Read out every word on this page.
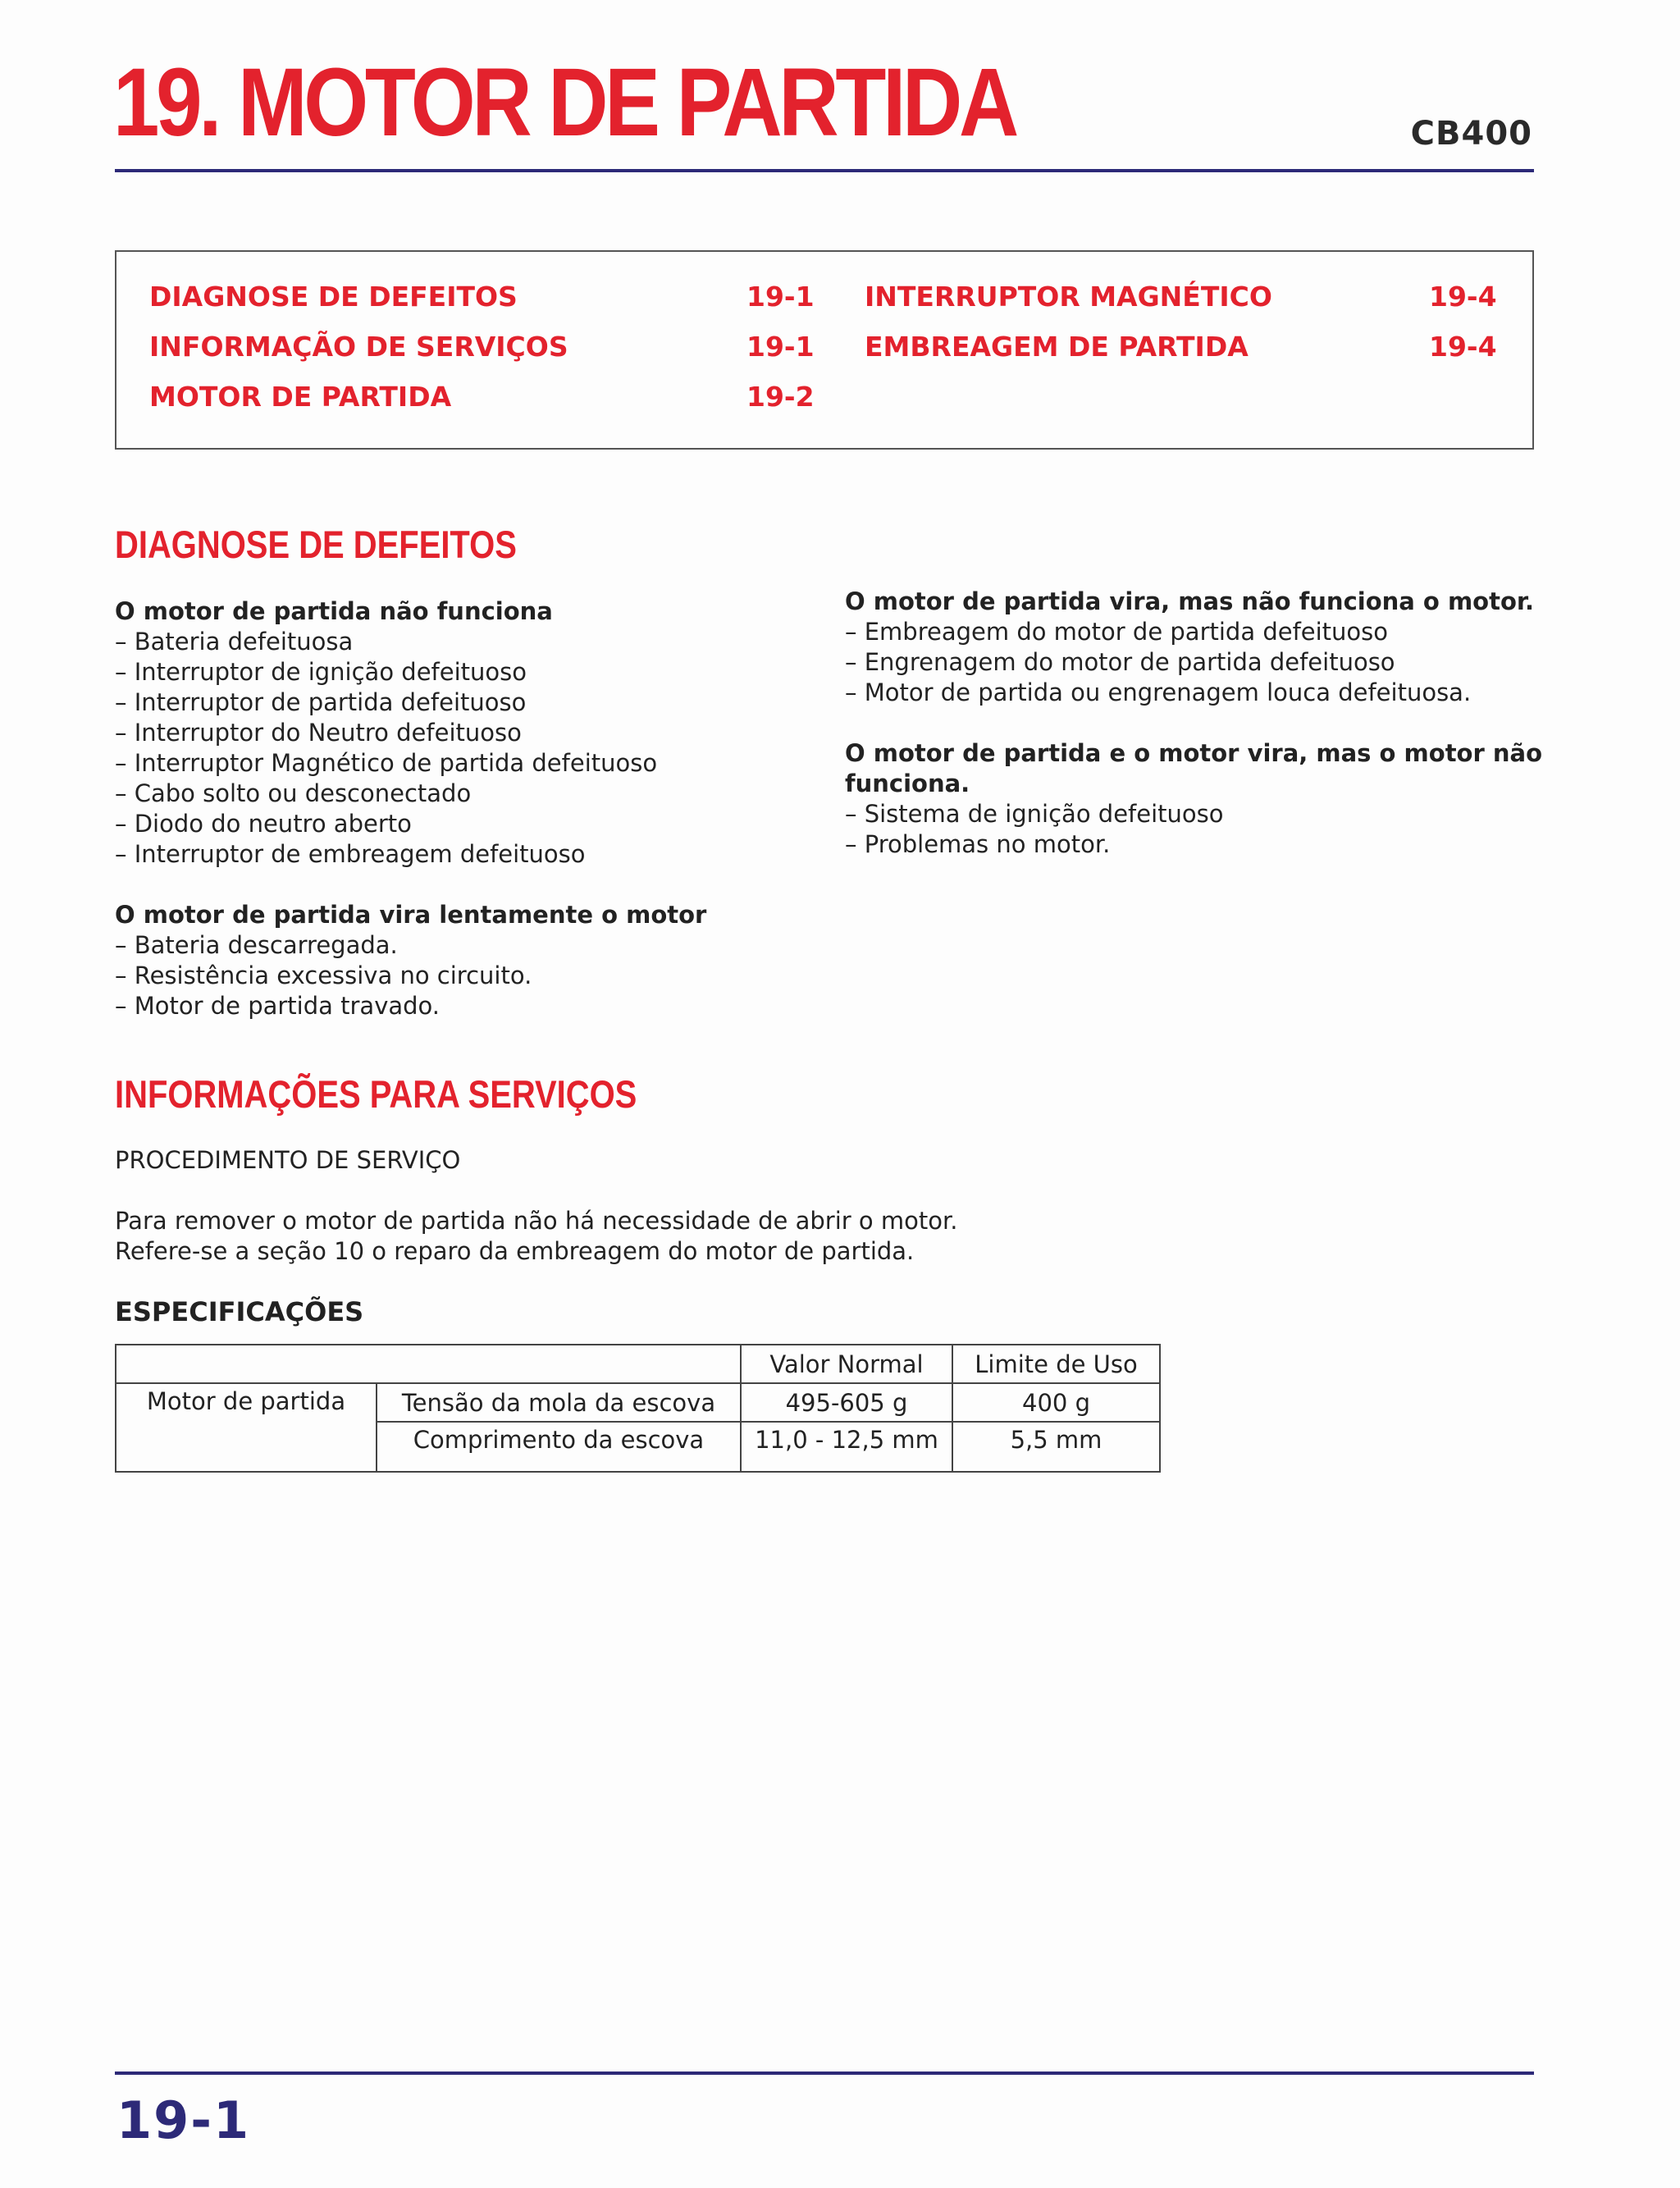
19. MOTOR DE PARTIDA	CB400
DIAGNOSE DE DEFEITOS	19-1
INFORMAÇÃO DE SERVIÇOS	19-1
MOTOR DE PARTIDA	19-2
INTERRUPTOR MAGNÉTICO	19-4
EMBREAGEM DE PARTIDA	19-4
DIAGNOSE DE DEFEITOS
O motor de partida não funciona
– Bateria defeituosa
– Interruptor de ignição defeituoso
– Interruptor de partida defeituoso
– Interruptor do Neutro defeituoso
– Interruptor Magnético de partida defeituoso
– Cabo solto ou desconectado
– Diodo do neutro aberto
– Interruptor de embreagem defeituoso
O motor de partida vira lentamente o motor
– Bateria descarregada.
– Resistência excessiva no circuito.
– Motor de partida travado.
O motor de partida vira, mas não funciona o motor.
– Embreagem do motor de partida defeituoso
– Engrenagem do motor de partida defeituoso
– Motor de partida ou engrenagem louca defeituosa.
O motor de partida e o motor vira, mas o motor não
funciona.
– Sistema de ignição defeituoso
– Problemas no motor.
INFORMAÇÕES PARA SERVIÇOS
PROCEDIMENTO DE SERVIÇO
Para remover o motor de partida não há necessidade de abrir o motor.
Refere-se a seção 10 o reparo da embreagem do motor de partida.
ESPECIFICAÇÕES
		Valor Normal	Limite de Uso
Motor de partida	Tensão da mola da escova	495-605 g	400 g
	Comprimento da escova	11,0 - 12,5 mm	5,5 mm
19-1
